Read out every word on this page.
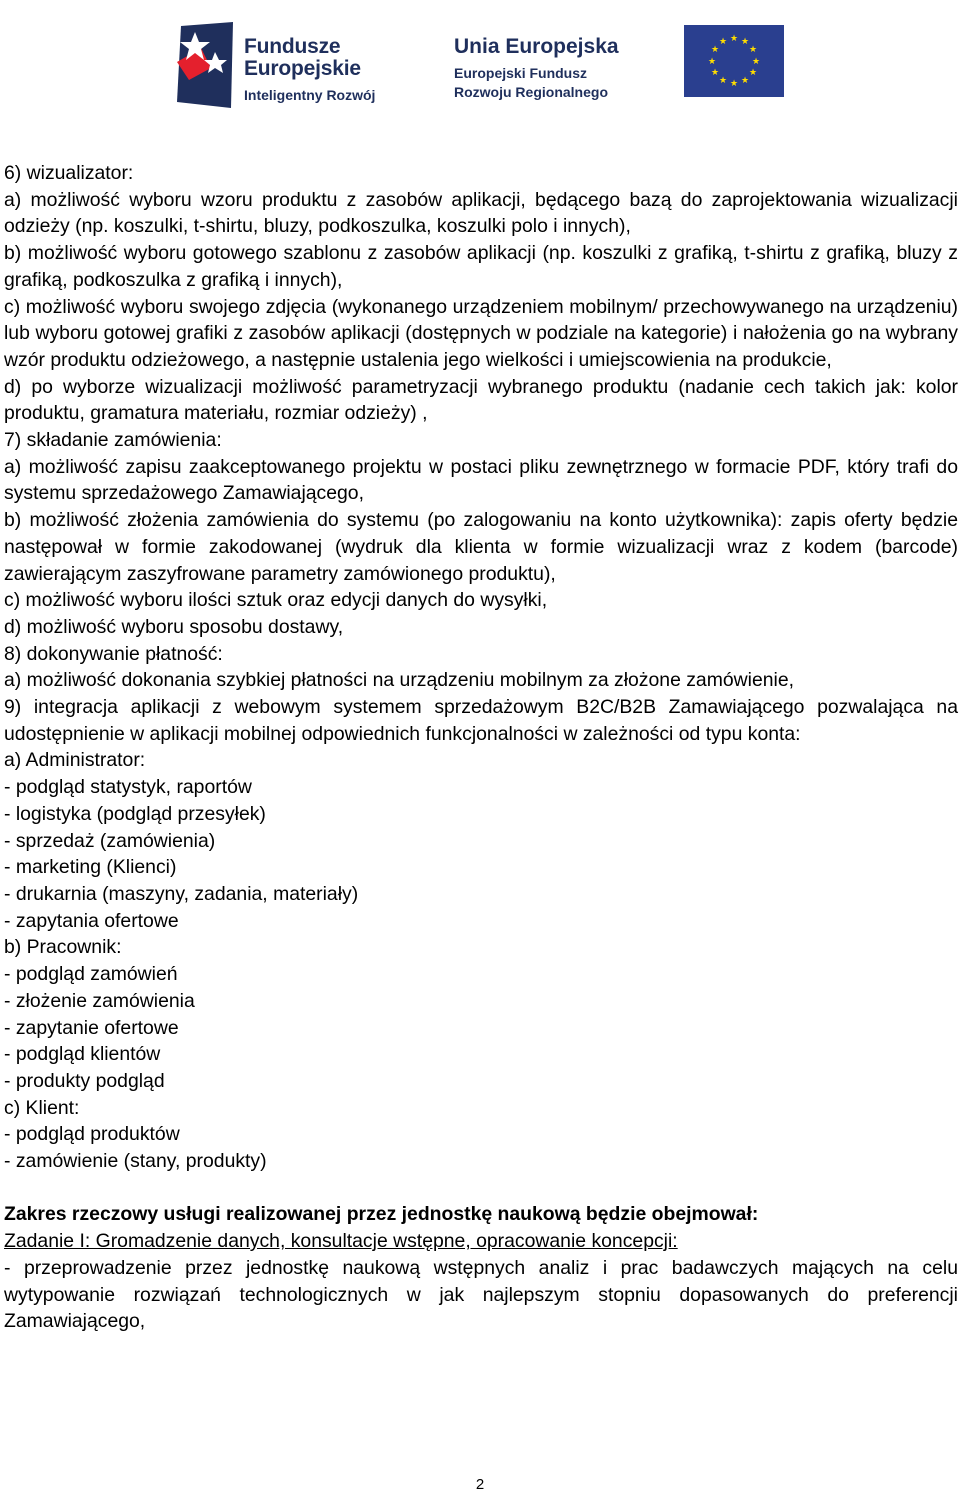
Fundusze
Europejskie
Inteligentny Rozwój
Unia Europejska
Europejski Fundusz
Rozwoju Regionalnego
★ ★
★
★
★
★
★
★
★
★
★
★

6) wizualizator:

a) możliwość wyboru wzoru produktu z zasobów aplikacji, będącego bazą do zaprojektowania wizualizacji odzieży (np. koszulki, t-shirtu, bluzy, podkoszulka, koszulki polo i innych),

b) możliwość wyboru gotowego szablonu z zasobów aplikacji (np. koszulki z grafiką, t-shirtu z grafiką, bluzy z grafiką, podkoszulka z grafiką i innych),

c) możliwość wyboru swojego zdjęcia (wykonanego urządzeniem mobilnym/ przechowywanego na urządzeniu) lub wyboru gotowej grafiki z zasobów aplikacji (dostępnych w podziale na kategorie) i nałożenia go na wybrany wzór produktu odzieżowego, a następnie ustalenia jego wielkości i umiejscowienia na produkcie,

d) po wyborze wizualizacji możliwość parametryzacji wybranego produktu (nadanie cech takich jak: kolor produktu, gramatura materiału, rozmiar odzieży) ,

7) składanie zamówienia:

a) możliwość zapisu zaakceptowanego projektu w postaci pliku zewnętrznego w formacie PDF, który trafi do systemu sprzedażowego Zamawiającego,

b) możliwość złożenia zamówienia do systemu (po zalogowaniu na konto użytkownika): zapis oferty będzie następował w formie zakodowanej (wydruk dla klienta w formie wizualizacji wraz z kodem (barcode) zawierającym zaszyfrowane parametry zamówionego produktu),

c) możliwość wyboru ilości sztuk oraz edycji danych do wysyłki,

d) możliwość wyboru sposobu dostawy,

8) dokonywanie płatność:

a) możliwość dokonania szybkiej płatności na urządzeniu mobilnym za złożone zamówienie,

9) integracja aplikacji z webowym systemem sprzedażowym B2C/B2B Zamawiającego pozwalająca na udostępnienie w aplikacji mobilnej odpowiednich funkcjonalności w zależności od typu konta:

a) Administrator:

- podgląd statystyk, raportów

- logistyka (podgląd przesyłek)

- sprzedaż (zamówienia)

- marketing (Klienci)

- drukarnia (maszyny, zadania, materiały)

- zapytania ofertowe

b) Pracownik:

- podgląd zamówień

- złożenie zamówienia

- zapytanie ofertowe

- podgląd klientów

- produkty podgląd

c) Klient:

- podgląd produktów

- zamówienie (stany, produkty)

Zakres rzeczowy usługi realizowanej przez jednostkę naukową będzie obejmował:

Zadanie I: Gromadzenie danych, konsultacje wstępne, opracowanie koncepcji:

- przeprowadzenie przez jednostkę naukową wstępnych analiz i prac badawczych mających na celu wytypowanie rozwiązań technologicznych w jak najlepszym stopniu dopasowanych do preferencji Zamawiającego,

2
